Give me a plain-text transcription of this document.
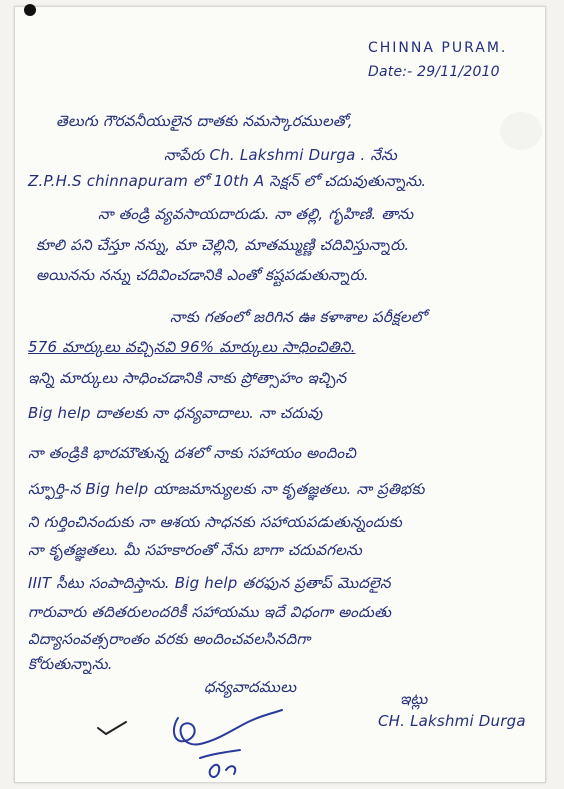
CHINNA PURAM.
Date:- 29/11/2010
తెలుగు గౌరవనీయులైన దాతకు నమస్కారములతో,
నాపేరు Ch. Lakshmi Durga . నేను
Z.P.H.S chinnapuram లో 10th A సెక్షన్ లో చదువుతున్నాను.
నా తండ్రి వ్యవసాయదారుడు. నా తల్లి, గృహిణి. తాను
కూలి పని చేస్తూ నన్ను, మా చెల్లిని, మాతమ్ముణ్ణి చదివిస్తున్నారు.
అయినను నన్ను చదివించడానికి ఎంతో కష్టపడుతున్నారు.
నాకు గతంలో జరిగిన ఊ కళాశాల పరీక్షలలో
576 మార్కులు వచ్చినవి 96% మార్కులు సాధించితిని.
ఇన్ని మార్కులు సాధించడానికి నాకు ప్రోత్సాహం ఇచ్చిన
Big help దాతలకు నా ధన్యవాదాలు. నా చదువు
నా తండ్రికి భారమౌతున్న దశలో నాకు సహాయం అందించి
స్ఫూర్తి-న Big help యాజమాన్యులకు నా కృతజ్ఞతలు. నా ప్రతిభకు
ని గుర్తించినందుకు నా ఆశయ సాధనకు సహాయపడుతున్నందుకు
నా కృతజ్ఞతలు. మీ సహకారంతో నేను బాగా చదువగలను
IIIT సీటు సంపాదిస్తాను. Big help తరఫున ప్రతాప్ మొదలైన
గారువారు తదితరులందరికీ సహాయము ఇదే విధంగా అందుతు
విద్యాసంవత్సరాంతం వరకు అందించవలసినదిగా
కోరుతున్నాను.
ధన్యవాదములు
ఇట్లు
CH. Lakshmi Durga
